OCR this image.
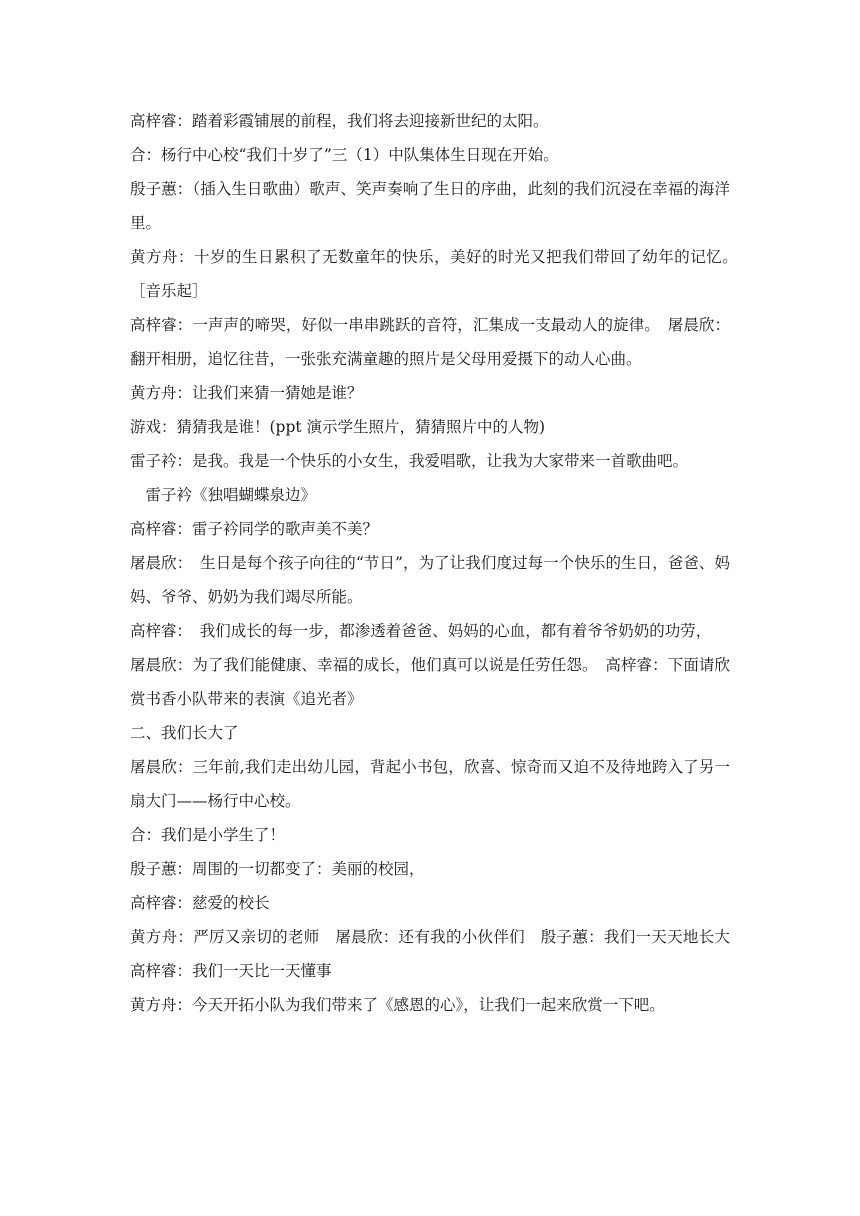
高梓睿：踏着彩霞铺展的前程，我们将去迎接新世纪的太阳。

合：杨行中心校“我们十岁了”三（1）中队集体生日现在开始。

殷子蕙：（插入生日歌曲）歌声、笑声奏响了生日的序曲，此刻的我们沉浸在幸福的海洋里。

黄方舟：十岁的生日累积了无数童年的快乐，美好的时光又把我们带回了幼年的记忆。　［音乐起］

高梓睿：一声声的啼哭，好似一串串跳跃的音符，汇集成一支最动人的旋律。　屠晨欣：翻开相册，追忆往昔，一张张充满童趣的照片是父母用爱摄下的动人心曲。

黄方舟：让我们来猜一猜她是谁？

游戏：猜猜我是谁！(ppt 演示学生照片，猜猜照片中的人物)

雷子衿：是我。我是一个快乐的小女生，我爱唱歌，让我为大家带来一首歌曲吧。

　雷子衿《独唱蝴蝶泉边》

高梓睿：雷子衿同学的歌声美不美？

屠晨欣：　生日是每个孩子向往的“节日”，为了让我们度过每一个快乐的生日，爸爸、妈妈、爷爷、奶奶为我们竭尽所能。

高梓睿：　我们成长的每一步，都渗透着爸爸、妈妈的心血，都有着爷爷奶奶的功劳，

屠晨欣：为了我们能健康、幸福的成长，他们真可以说是任劳任怨。　高梓睿：下面请欣赏书香小队带来的表演《追光者》

二、我们长大了

屠晨欣：三年前,我们走出幼儿园，背起小书包，欣喜、惊奇而又迫不及待地跨入了另一扇大门——杨行中心校。

合：我们是小学生了！

殷子蕙：周围的一切都变了：美丽的校园，

高梓睿：慈爱的校长

黄方舟：严厉又亲切的老师　屠晨欣：还有我的小伙伴们　殷子蕙：我们一天天地长大　高梓睿：我们一天比一天懂事

黄方舟：今天开拓小队为我们带来了《感恩的心》，让我们一起来欣赏一下吧。
